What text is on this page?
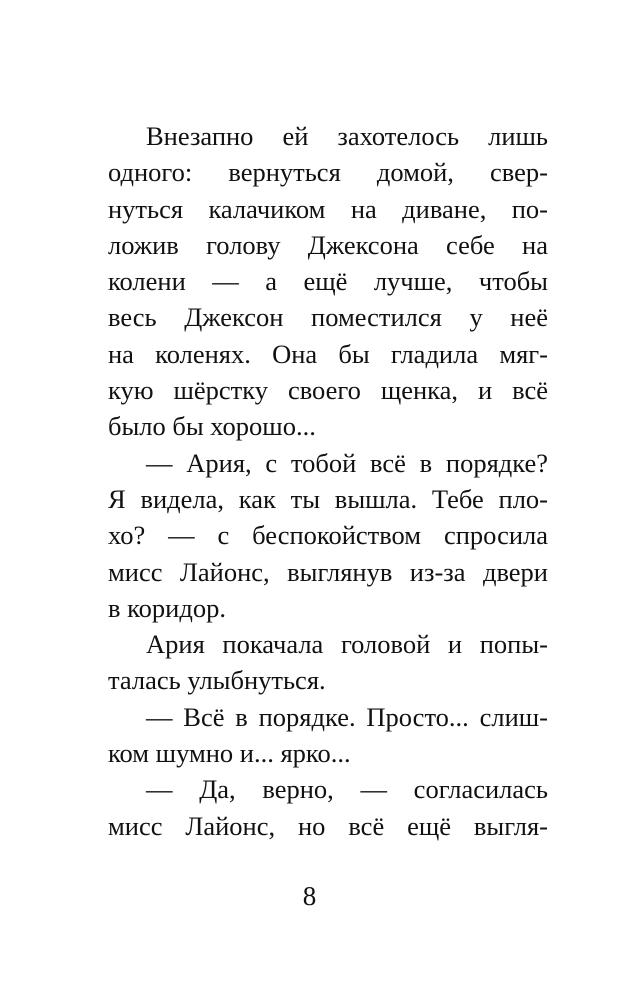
Внезапно ей захотелось лишь
одного: вернуться домой, свер-
нуться калачиком на диване, по-
ложив голову Джексона себе на
колени — а ещё лучше, чтобы
весь Джексон поместился у неё
на коленях. Она бы гладила мяг-
кую шёрстку своего щенка, и всё
было бы хорошо...
— Ария, с тобой всё в порядке?
Я видела, как ты вышла. Тебе пло-
хо? — с беспокойством спросила
мисс Лайонс, выглянув из-за двери
в коридор.
Ария покачала головой и попы-
талась улыбнуться.
— Всё в порядке. Просто... слиш-
ком шумно и... ярко...
— Да, верно, — согласилась
мисс Лайонс, но всё ещё выгля-
8
